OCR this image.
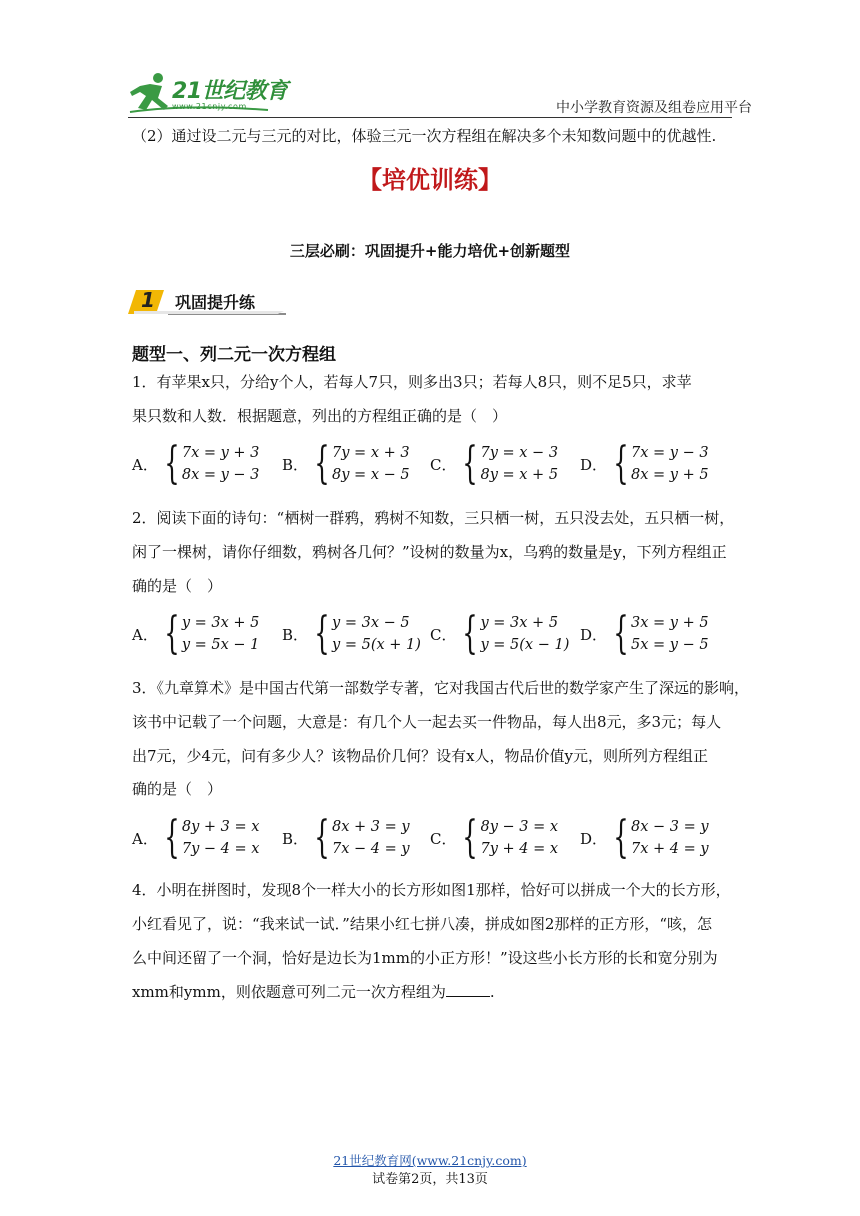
21世纪教育
www.21cnjy.com	中小学教育资源及组卷应用平台
（2）通过设二元与三元的对比，体验三元一次方程组在解决多个未知数问题中的优越性.
【培优训练】
三层必刷：巩固提升+能力培优+创新题型
1 巩固提升练
题型一、列二元一次方程组
1．有苹果x只，分给y个人，若每人7只，则多出3只；若每人8只，则不足5只，求苹
果只数和人数．根据题意，列出的方程组正确的是（　）
A． { 7x = y + 3
8x = y − 3
B． { 7y = x + 3
8y = x − 5
C． { 7y = x − 3
8y = x + 5
D． { 7x = y − 3
8x = y + 5
2．阅读下面的诗句：“栖树一群鸦，鸦树不知数，三只栖一树，五只没去处，五只栖一树，
闲了一棵树，请你仔细数，鸦树各几何？”设树的数量为x，乌鸦的数量是y，下列方程组正
确的是（　）
A． { y = 3x + 5
y = 5x − 1
B． { y = 3x − 5
y = 5(x + 1)
C． { y = 3x + 5
y = 5(x − 1)
D． { 3x = y + 5
5x = y − 5
3．《九章算术》是中国古代第一部数学专著，它对我国古代后世的数学家产生了深远的影响，
该书中记载了一个问题，大意是：有几个人一起去买一件物品，每人出8元，多3元；每人
出7元，少4元，问有多少人？该物品价几何？设有x人，物品价值y元，则所列方程组正
确的是（　）
A． { 8y + 3 = x
7y − 4 = x
B． { 8x + 3 = y
7x − 4 = y
C． { 8y − 3 = x
7y + 4 = x
D． { 8x − 3 = y
7x + 4 = y
4．小明在拼图时，发现8个一样大小的长方形如图1那样，恰好可以拼成一个大的长方形，
小红看见了，说：“我来试一试．”结果小红七拼八凑，拼成如图2那样的正方形，“咳，怎
么中间还留了一个洞，恰好是边长为1mm的小正方形！”设这些小长方形的长和宽分别为
xmm和ymm，则依题意可列二元一次方程组为	.
21世纪教育网(www.21cnjy.com)
试卷第2页，共13页
